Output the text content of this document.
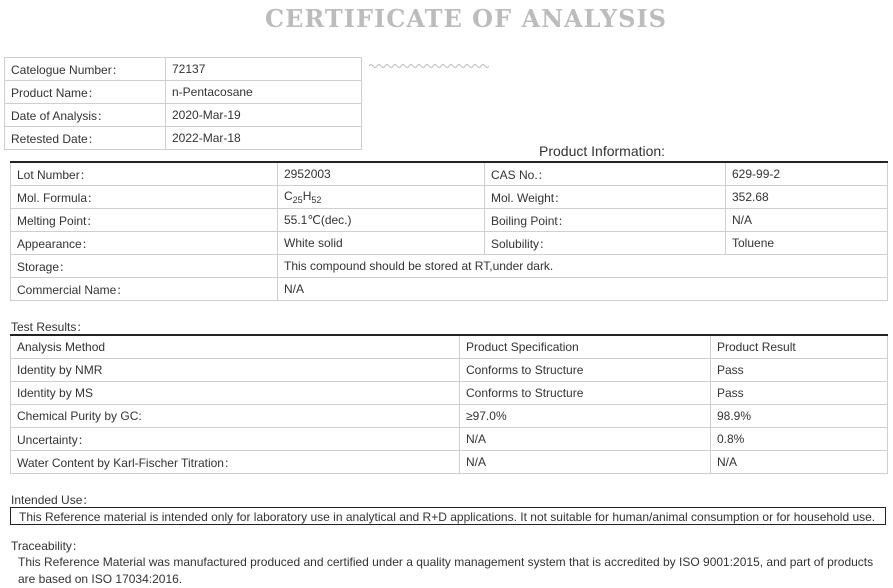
CERTIFICATE OF ANALYSIS
Catelogue Number：	72137
Product Name：	n-Pentacosane
Date of Analysis：	2020-Mar-19
Retested Date：	2022-Mar-18
Product Information:
Lot Number：	2952003	CAS No.：	629-99-2
Mol. Formula：	$C_{25}H_{52}$	Mol. Weight：	352.68
Melting Point：	55.1℃(dec.)	Boiling Point：	N/A
Appearance：	White solid	Solubility：	Toluene
Storage：	This compound should be stored at RT,under dark.		
Commercial Name：	N/A		
Test Results：
Analysis Method	Product Specification	Product Result
Identity by NMR	Conforms to Structure	Pass
Identity by MS	Conforms to Structure	Pass
Chemical Purity by GC:	≥97.0%	98.9%
Uncertainty：	N/A	0.8%
Water Content by Karl-Fischer Titration：	N/A	N/A
Intended Use：
This Reference material is intended only for laboratory use in analytical and R+D applications. It not suitable for human/animal consumption or for household use.
Traceability：
This Reference Material was manufactured produced and certified under a quality management system that is accredited by ISO 9001:2015, and part of products are based on ISO 17034:2016.
